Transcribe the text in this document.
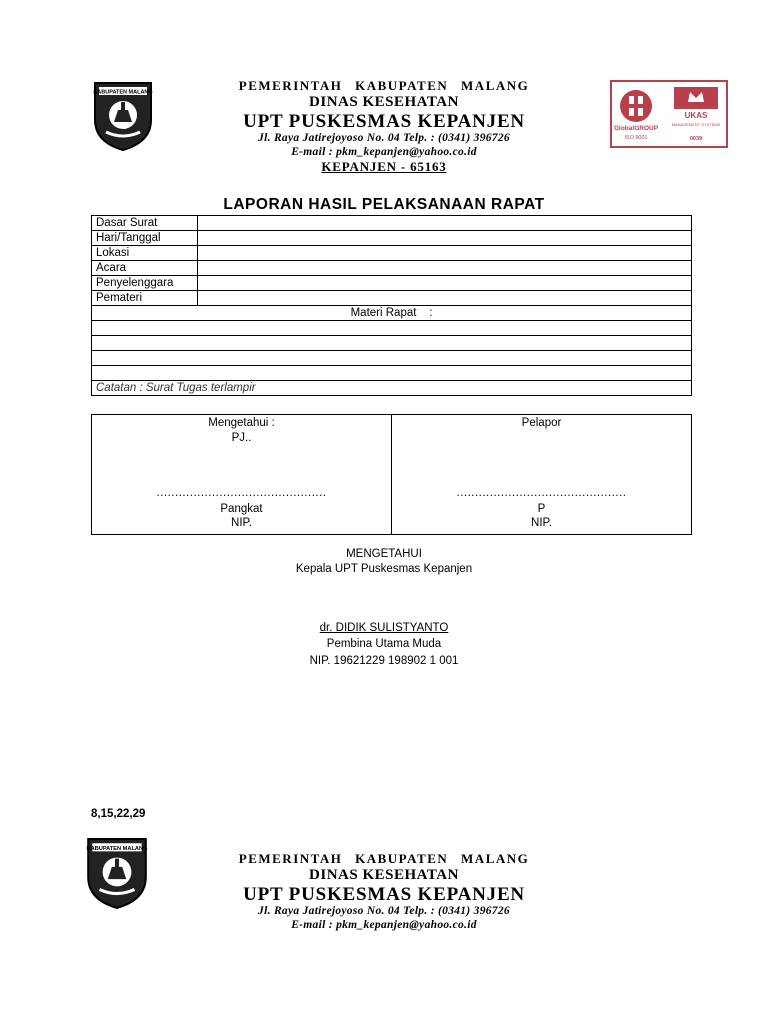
KABUPATEN MALANG	PEMERINTAH KABUPATEN MALANG
DINAS KESEHATAN
UPT PUSKESMAS KEPANJEN
Jl. Raya Jatirejoyoso No. 04 Telp. : (0341) 396726
E-mail : pkm_kepanjen@yahoo.co.id
KEPANJEN - 65163
GlobalGROUP
ISO 9001
UKAS
MANAGEMENT SYSTEMS
0039
LAPORAN HASIL PELAKSANAAN RAPAT
Dasar Surat	
Hari/Tanggal	
Lokasi	
Acara	
Penyelenggara	
Pemateri	
Materi Rapat    :	

Catatan : Surat Tugas terlampir	
Mengetahui :
PJ..
..............................................
Pangkat
NIP.

Pelapor
..............................................
P
NIP.
MENGETAHUI
Kepala UPT Puskesmas Kepanjen
dr. DIDIK SULISTYANTO
Pembina Utama Muda
NIP. 19621229 198902 1 001
8,15,22,29
KABUPATEN MALANG
PEMERINTAH KABUPATEN MALANG
DINAS KESEHATAN
UPT PUSKESMAS KEPANJEN
Jl. Raya Jatirejoyoso No. 04 Telp. : (0341) 396726
E-mail : pkm_kepanjen@yahoo.co.id
